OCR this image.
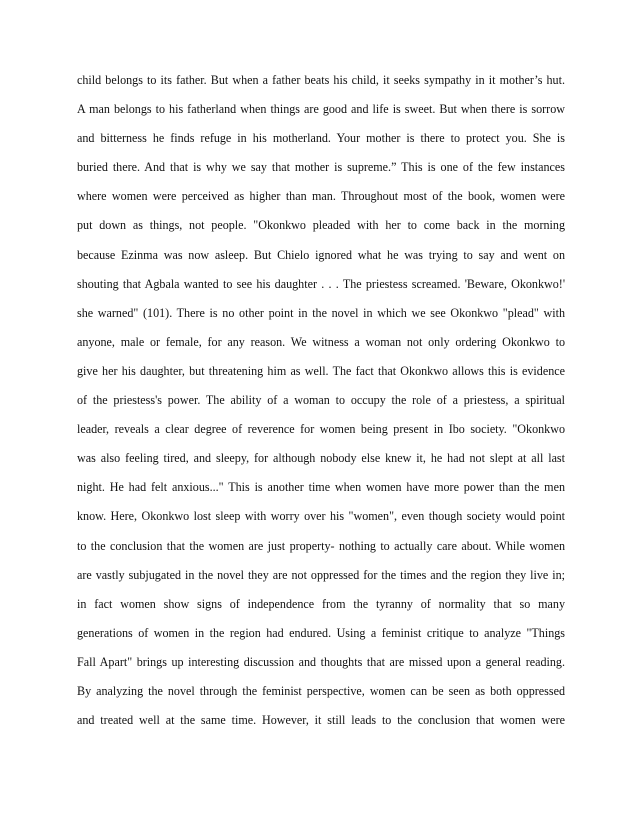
child belongs to its father. But when a father beats his child, it seeks sympathy in it mother’s hut.
A man belongs to his fatherland when things are good and life is sweet. But when there is sorrow
and bitterness he finds refuge in his motherland. Your mother is there to protect you. She is
buried there. And that is why we say that mother is supreme.” This is one of the few instances
where women were perceived as higher than man. Throughout most of the book, women were
put down as things, not people. "Okonkwo pleaded with her to come back in the morning
because Ezinma was now asleep. But Chielo ignored what he was trying to say and went on
shouting that Agbala wanted to see his daughter . . . The priestess screamed. 'Beware, Okonkwo!'
she warned" (101). There is no other point in the novel in which we see Okonkwo "plead" with
anyone, male or female, for any reason. We witness a woman not only ordering Okonkwo to
give her his daughter, but threatening him as well. The fact that Okonkwo allows this is evidence
of the priestess's power. The ability of a woman to occupy the role of a priestess, a spiritual
leader, reveals a clear degree of reverence for women being present in Ibo society. "Okonkwo
was also feeling tired, and sleepy, for although nobody else knew it, he had not slept at all last
night. He had felt anxious..." This is another time when women have more power than the men
know. Here, Okonkwo lost sleep with worry over his "women", even though society would point
to the conclusion that the women are just property- nothing to actually care about. While women
are vastly subjugated in the novel they are not oppressed for the times and the region they live in;
in fact women show signs of independence from the tyranny of normality that so many
generations of women in the region had endured. Using a feminist critique to analyze "Things
Fall Apart" brings up interesting discussion and thoughts that are missed upon a general reading.
By analyzing the novel through the feminist perspective, women can be seen as both oppressed
and treated well at the same time. However, it still leads to the conclusion that women were
